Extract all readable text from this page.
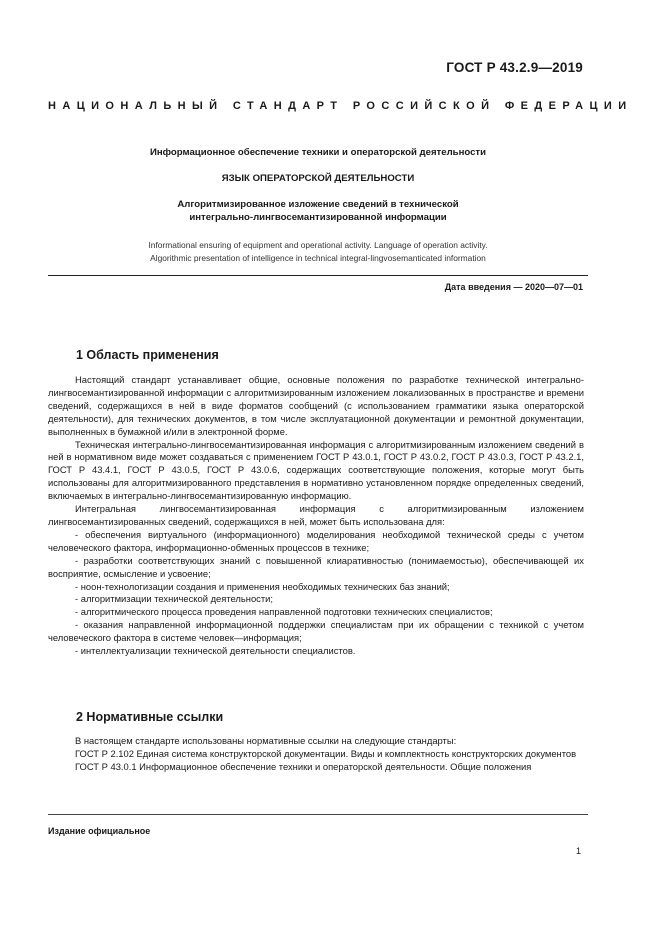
ГОСТ Р 43.2.9—2019
НАЦИОНАЛЬНЫЙ СТАНДАРТ РОССИЙСКОЙ ФЕДЕРАЦИИ
Информационное обеспечение техники и операторской деятельности
ЯЗЫК ОПЕРАТОРСКОЙ ДЕЯТЕЛЬНОСТИ
Алгоритмизированное изложение сведений в технической
интегрально-лингвосемантизированной информации
Informational ensuring of equipment and operational activity. Language of operation activity.
Algorithmic presentation of intelligence in technical integral-lingvosemanticated information
Дата введения — 2020—07—01
1 Область применения

Настоящий стандарт устанавливает общие, основные положения по разработке технической интегрально-лингвосемантизированной информации с алгоритмизированным изложением локализованных в пространстве и времени сведений, содержащихся в ней в виде форматов сообщений (с использованием грамматики языка операторской деятельности), для технических документов, в том числе эксплуатационной документации и ремонтной документации, выполненных в бумажной и/или в электронной форме.

Техническая интегрально-лингвосемантизированная информация с алгоритмизированным изложением сведений в ней в нормативном виде может создаваться с применением ГОСТ Р 43.0.1, ГОСТ Р 43.0.2, ГОСТ Р 43.0.3, ГОСТ Р 43.2.1, ГОСТ Р 43.4.1, ГОСТ Р 43.0.5, ГОСТ Р 43.0.6, содержащих соответствующие положения, которые могут быть использованы для алгоритмизированного представления в нормативно установленном порядке определенных сведений, включаемых в интегрально-лингвосемантизированную информацию.

Интегральная лингвосемантизированная информация с алгоритмизированным изложением лингвосемантизированных сведений, содержащихся в ней, может быть использована для:

- обеспечения виртуального (информационного) моделирования необходимой технической среды с учетом человеческого фактора, информационно-обменных процессов в технике;

- разработки соответствующих знаний с повышенной клиаративностью (понимаемостью), обеспечивающей их восприятие, осмысление и усвоение;

- ноон-технологизации создания и применения необходимых технических баз знаний;

- алгоритмизации технической деятельности;

- алгоритмического процесса проведения направленной подготовки технических специалистов;

- оказания направленной информационной поддержки специалистам при их обращении с техникой с учетом человеческого фактора в системе человек—информация;

- интеллектуализации технической деятельности специалистов.

2 Нормативные ссылки

В настоящем стандарте использованы нормативные ссылки на следующие стандарты:

ГОСТ Р 2.102 Единая система конструкторской документации. Виды и комплектность конструкторских документов

ГОСТ Р 43.0.1 Информационное обеспечение техники и операторской деятельности. Общие положения

Издание официальное
1
